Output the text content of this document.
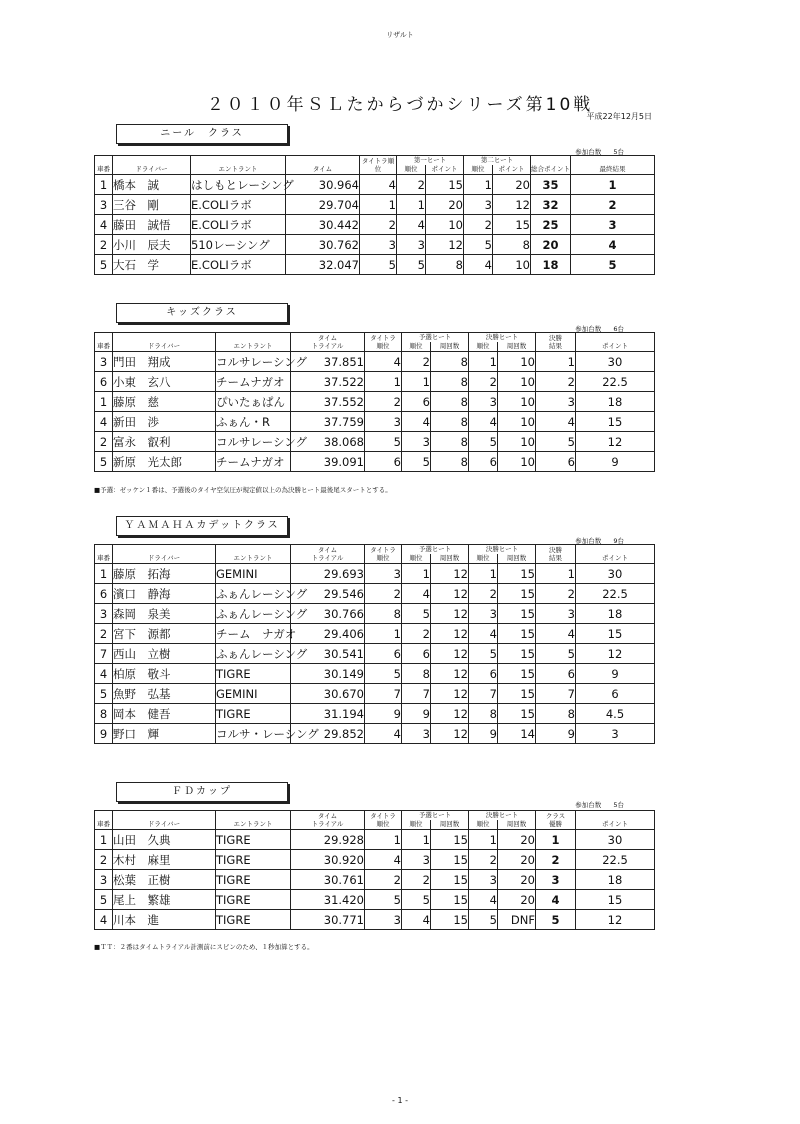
リザルト
２０１０年ＳＬたからづかシリーズ第10戦
平成22年12月5日
ニール　クラス
参加台数 5台
車番	ドライバー	エントラント	タイム	タイトラ順位	第一ヒート		第二ヒート		総合ポイント	最終結果
					順位	ポイント	順位	ポイント		
1	橋本　誠	はしもとレーシング	30.964	4	2	15	1	20	35	1
3	三谷　剛	E.COLIラボ	29.704	1	1	20	3	12	32	2
4	藤田　誠悟	E.COLIラボ	30.442	2	4	10	2	15	25	3
2	小川　辰夫	510レーシング	30.762	3	3	12	5	8	20	4
5	大石　学	E.COLIラボ	32.047	5	5	8	4	10	18	5
キッズクラス
参加台数 6台
車番	ドライバー	エントラント	タイム
トライアル	タイトラ
順位	予選ヒート		決勝ヒート		決勝
結果	ポイント
					順位	周回数	順位	周回数		
3	門田　翔成	コルサレーシング	37.851	4	2	8	1	10	1	30
6	小東　玄八	チームナガオ	37.522	1	1	8	2	10	2	22.5
1	藤原　慈	ぴいたぁぱん	37.552	2	6	8	3	10	3	18
4	新田　渉	ふぁん・R	37.759	3	4	8	4	10	4	15
2	富永　叡利	コルサレーシング	38.068	5	3	8	5	10	5	12
5	新原　光太郎	チームナガオ	39.091	6	5	8	6	10	6	9
■予選：ゼッケン１番は、予選後のタイヤ空気圧が規定値以上の為決勝ヒート最後尾スタートとする。
ＹＡＭＡＨＡカデットクラス
参加台数 9台
車番	ドライバー	エントラント	タイム
トライアル	タイトラ
順位	予選ヒート		決勝ヒート		決勝
結果	ポイント
					順位	周回数	順位	周回数		
1	藤原　拓海	GEMINI	29.693	3	1	12	1	15	1	30
6	濱口　静海	ふぁんレーシング	29.546	2	4	12	2	15	2	22.5
3	森岡　泉美	ふぁんレーシング	30.766	8	5	12	3	15	3	18
2	宮下　源都	チーム　ナガオ	29.406	1	2	12	4	15	4	15
7	西山　立樹	ふぁんレーシング	30.541	6	6	12	5	15	5	12
4	柏原　敬斗	TIGRE	30.149	5	8	12	6	15	6	9
5	魚野　弘基	GEMINI	30.670	7	7	12	7	15	7	6
8	岡本　健吾	TIGRE	31.194	9	9	12	8	15	8	4.5
9	野口　輝	コルサ・レーシング	29.852	4	3	12	9	14	9	3
ＦＤカップ
参加台数 5台
車番	ドライバー	エントラント	タイム
トライアル	タイトラ
順位	予選ヒート		決勝ヒート		クラス
優勝	ポイント
					順位	周回数	順位	周回数		
1	山田　久典	TIGRE	29.928	1	1	15	1	20	1	30
2	木村　麻里	TIGRE	30.920	4	3	15	2	20	2	22.5
3	松葉　正樹	TIGRE	30.761	2	2	15	3	20	3	18
5	尾上　繁雄	TIGRE	31.420	5	5	15	4	20	4	15
4	川本　進	TIGRE	30.771	3	4	15	5	DNF	5	12
■ＴＴ：２番はタイムトライアル計測前にスピンのため、１秒加算とする。
- 1 -
